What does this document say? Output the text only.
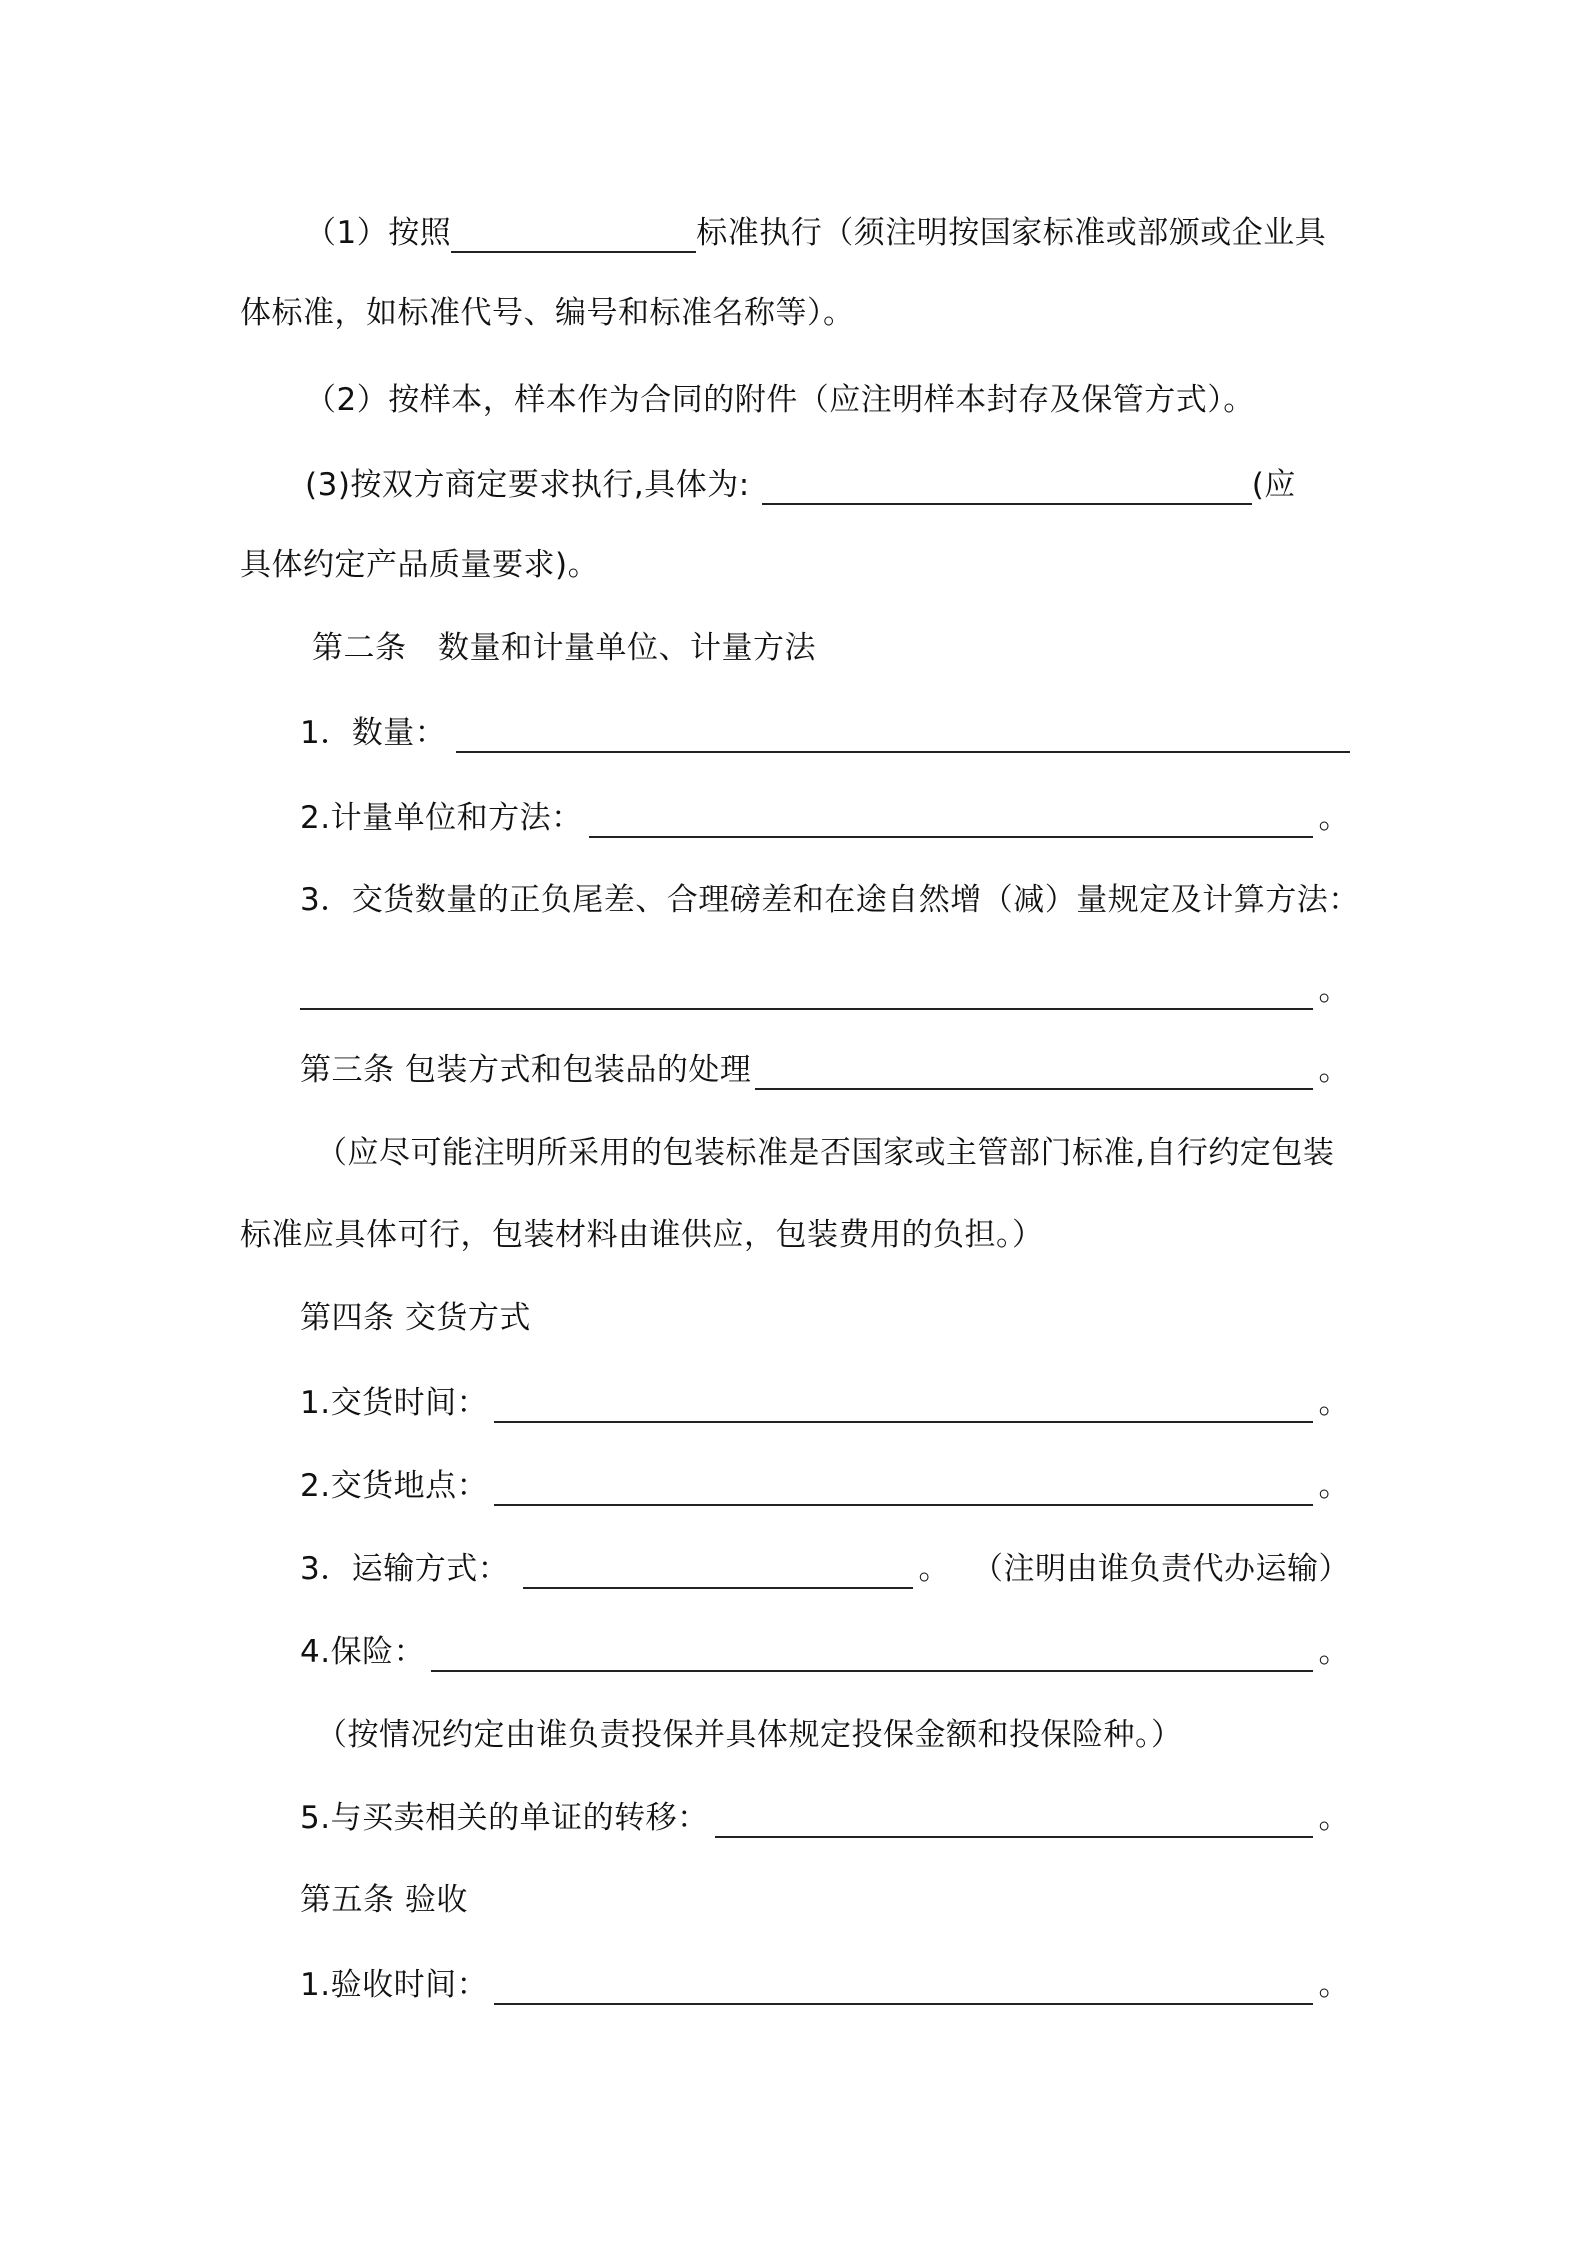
（1）按照	标准执行（须注明按国家标准或部颁或企业具
体标准，如标准代号、编号和标准名称等）。
（2）按样本，样本作为合同的附件（应注明样本封存及保管方式）。
(3)按双方商定要求执行,具体为:	(应
具体约定产品质量要求)。
第二条　数量和计量单位、计量方法
1．数量：
2.计量单位和方法：	。
3．交货数量的正负尾差、合理磅差和在途自然增（减）量规定及计算方法：
。
第三条 包装方式和包装品的处理	。
（应尽可能注明所采用的包装标准是否国家或主管部门标准,自行约定包装
标准应具体可行，包装材料由谁供应，包装费用的负担。）
第四条 交货方式
1.交货时间：	。
2.交货地点：	。
3．运输方式：	。 （注明由谁负责代办运输）
4.保险：	。
（按情况约定由谁负责投保并具体规定投保金额和投保险种。）
5.与买卖相关的单证的转移：	。
第五条 验收
1.验收时间：	。
